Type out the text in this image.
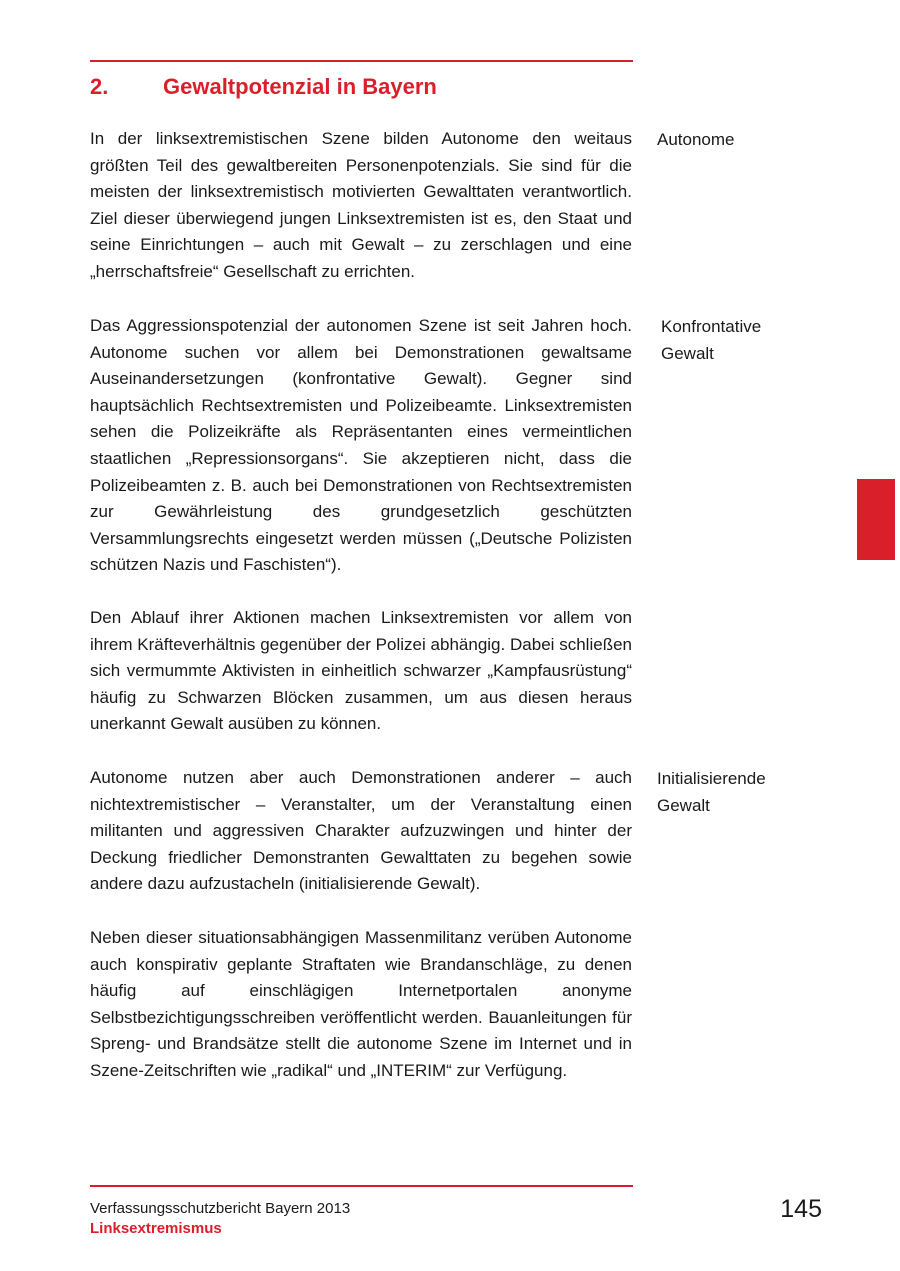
2. Gewaltpotenzial in Bayern

In der linksextremistischen Szene bilden Autonome den weitaus größten Teil des gewaltbereiten Personenpotenzials. Sie sind für die meisten der linksextremistisch motivierten Gewalttaten verantwortlich. Ziel dieser überwiegend jungen Linksextremisten ist es, den Staat und seine Einrichtungen – auch mit Gewalt – zu zerschlagen und eine „herrschaftsfreie“ Gesellschaft zu errichten.

Autonome

Das Aggressionspotenzial der autonomen Szene ist seit Jahren hoch. Autonome suchen vor allem bei Demonstrationen gewaltsame Auseinandersetzungen (konfrontative Gewalt). Gegner sind hauptsächlich Rechtsextremisten und Polizeibeamte. Linksextremisten sehen die Polizeikräfte als Repräsentanten eines vermeintlichen staatlichen „Repressionsorgans“. Sie akzeptieren nicht, dass die Polizeibeamten z. B. auch bei Demonstrationen von Rechtsextremisten zur Gewährleistung des grundgesetzlich geschützten Versammlungsrechts eingesetzt werden müssen („Deutsche Polizisten schützen Nazis und Faschisten“).

Konfrontative
Gewalt

Den Ablauf ihrer Aktionen machen Linksextremisten vor allem von ihrem Kräfteverhältnis gegenüber der Polizei abhängig. Dabei schließen sich vermummte Aktivisten in einheitlich schwarzer „Kampfausrüstung“ häufig zu Schwarzen Blöcken zusammen, um aus diesen heraus unerkannt Gewalt ausüben zu können.

Autonome nutzen aber auch Demonstrationen anderer – auch nichtextremistischer – Veranstalter, um der Veranstaltung einen militanten und aggressiven Charakter aufzuzwingen und hinter der Deckung friedlicher Demonstranten Gewalttaten zu begehen sowie andere dazu aufzustacheln (initialisierende Gewalt).

Initialisierende
Gewalt

Neben dieser situationsabhängigen Massenmilitanz verüben Autonome auch konspirativ geplante Straftaten wie Brandanschläge, zu denen häufig auf einschlägigen Internetportalen anonyme Selbstbezichtigungsschreiben veröffentlicht werden. Bauanleitungen für Spreng- und Brandsätze stellt die autonome Szene im Internet und in Szene-Zeitschriften wie „radikal“ und „INTERIM“ zur Verfügung.

Verfassungsschutzbericht Bayern 2013
Linksextremismus
145
